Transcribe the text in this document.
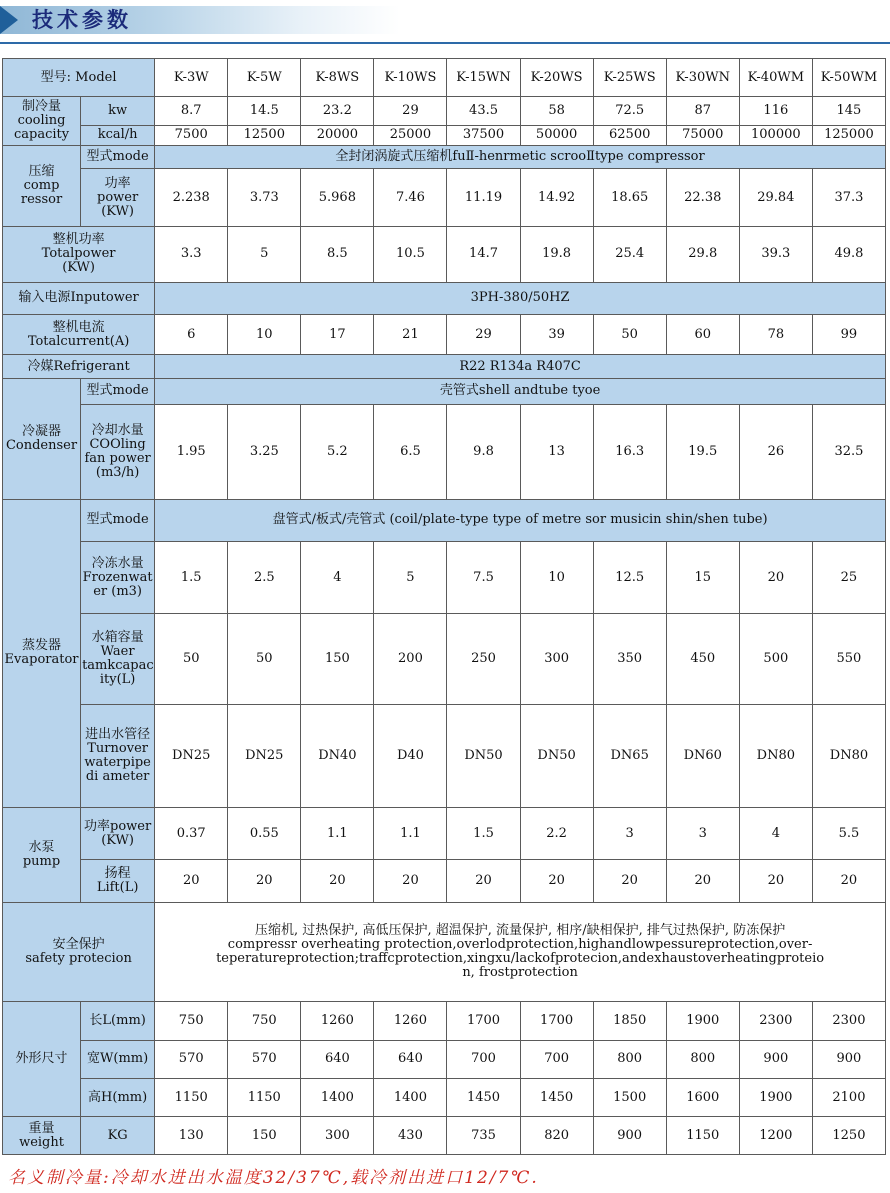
技术参数
型号: Model		K-3W	K-5W	K-8WS	K-10WS	K-15WN	K-20WS	K-25WS	K-30WN	K-40WM	K-50WM
制冷量
cooling
capacity	kw	8.7	14.5	23.2	29	43.5	58	72.5	87	116	145
	kcal/h	7500	12500	20000	25000	37500	50000	62500	75000	100000	125000
压缩
comp
ressor	型式mode	全封闭涡旋式压缩机fuⅡ-henrmetic scrooⅡtype compressor									
	功率
power
(KW)	2.238	3.73	5.968	7.46	11.19	14.92	18.65	22.38	29.84	37.3
整机功率
Totalpower
(KW)		3.3	5	8.5	10.5	14.7	19.8	25.4	29.8	39.3	49.8
输入电源Inputower		3PH-380/50HZ									
整机电流
Totalcurrent(A)		6	10	17	21	29	39	50	60	78	99
冷媒Refrigerant		R22 R134a R407C									
冷凝器
Condenser	型式mode	壳管式shell andtube tyoe									
	冷却水量
COOling
fan power
(m3/h)	1.95	3.25	5.2	6.5	9.8	13	16.3	19.5	26	32.5
蒸发器
Evaporator	型式mode	盘管式/板式/壳管式 (coil/plate-type type of metre sor musicin shin/shen tube)									
	冷冻水量
Frozenwat
er (m3)	1.5	2.5	4	5	7.5	10	12.5	15	20	25
	水箱容量
Waer
tamkcapac
ity(L)	50	50	150	200	250	300	350	450	500	550
	进出水管径
Turnover
waterpipe
di ameter	DN25	DN25	DN40	D40	DN50	DN50	DN65	DN60	DN80	DN80
水泵
pump	功率power
(KW)	0.37	0.55	1.1	1.1	1.5	2.2	3	3	4	5.5
	扬程
Lift(L)	20	20	20	20	20	20	20	20	20	20
安全保护
safety protecion		压缩机, 过热保护, 高低压保护, 超温保护, 流量保护, 相序/缺相保护, 排气过热保护, 防冻保护
compressr overheating protection,overlodprotection,highandlowpessureprotection,over-
teperatureprotection;traffcprotection,xingxu/lackofprotecion,andexhaustoverheatingproteio
n, frostprotection									
外形尺寸	长L(mm)	750	750	1260	1260	1700	1700	1850	1900	2300	2300
	宽W(mm)	570	570	640	640	700	700	800	800	900	900
	高H(mm)	1150	1150	1400	1400	1450	1450	1500	1600	1900	2100
重量
weight	KG	130	150	300	430	735	820	900	1150	1200	1250
名义制冷量:冷却水进出水温度32/37℃,载冷剂出进口12/7℃.
